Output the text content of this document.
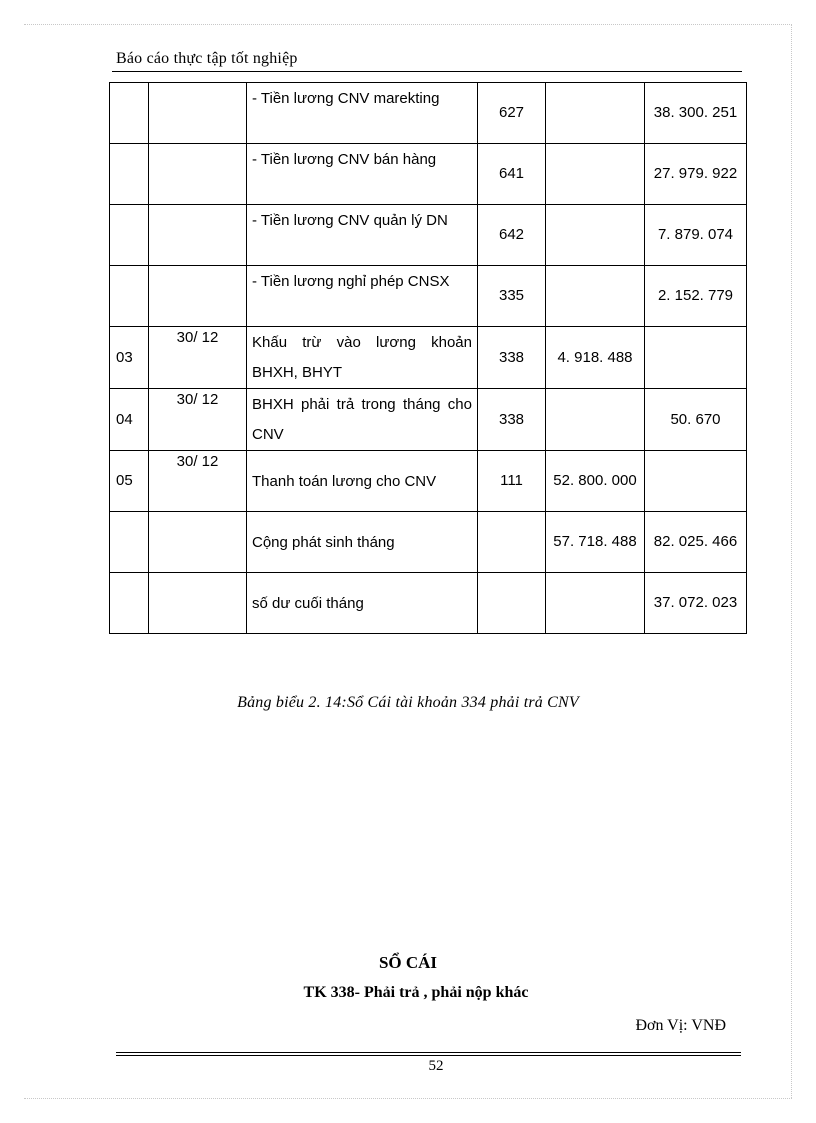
Báo cáo thực tập tốt nghiệp
		- Tiền lương CNV marekting	627		38. 300. 251
		- Tiền lương CNV bán hàng	641		27. 979. 922
		- Tiền lương CNV quản lý DN	642		7. 879. 074
		- Tiền lương nghỉ phép CNSX	335		2. 152. 779
03	30/ 12	Khấu trừ vào lương khoản BHXH, BHYT	338	4. 918. 488	
04	30/ 12	BHXH phải trả trong tháng cho CNV	338		50. 670
05	30/ 12	Thanh toán lương cho CNV	111	52. 800. 000	
		Cộng phát sinh tháng		57. 718. 488	82. 025. 466
		số dư cuối tháng			37. 072. 023
Bảng biểu 2. 14:Sổ Cái tài khoản 334 phải trả CNV
SỔ CÁI
TK 338- Phải trả , phải nộp khác
Đơn Vị: VNĐ
52
